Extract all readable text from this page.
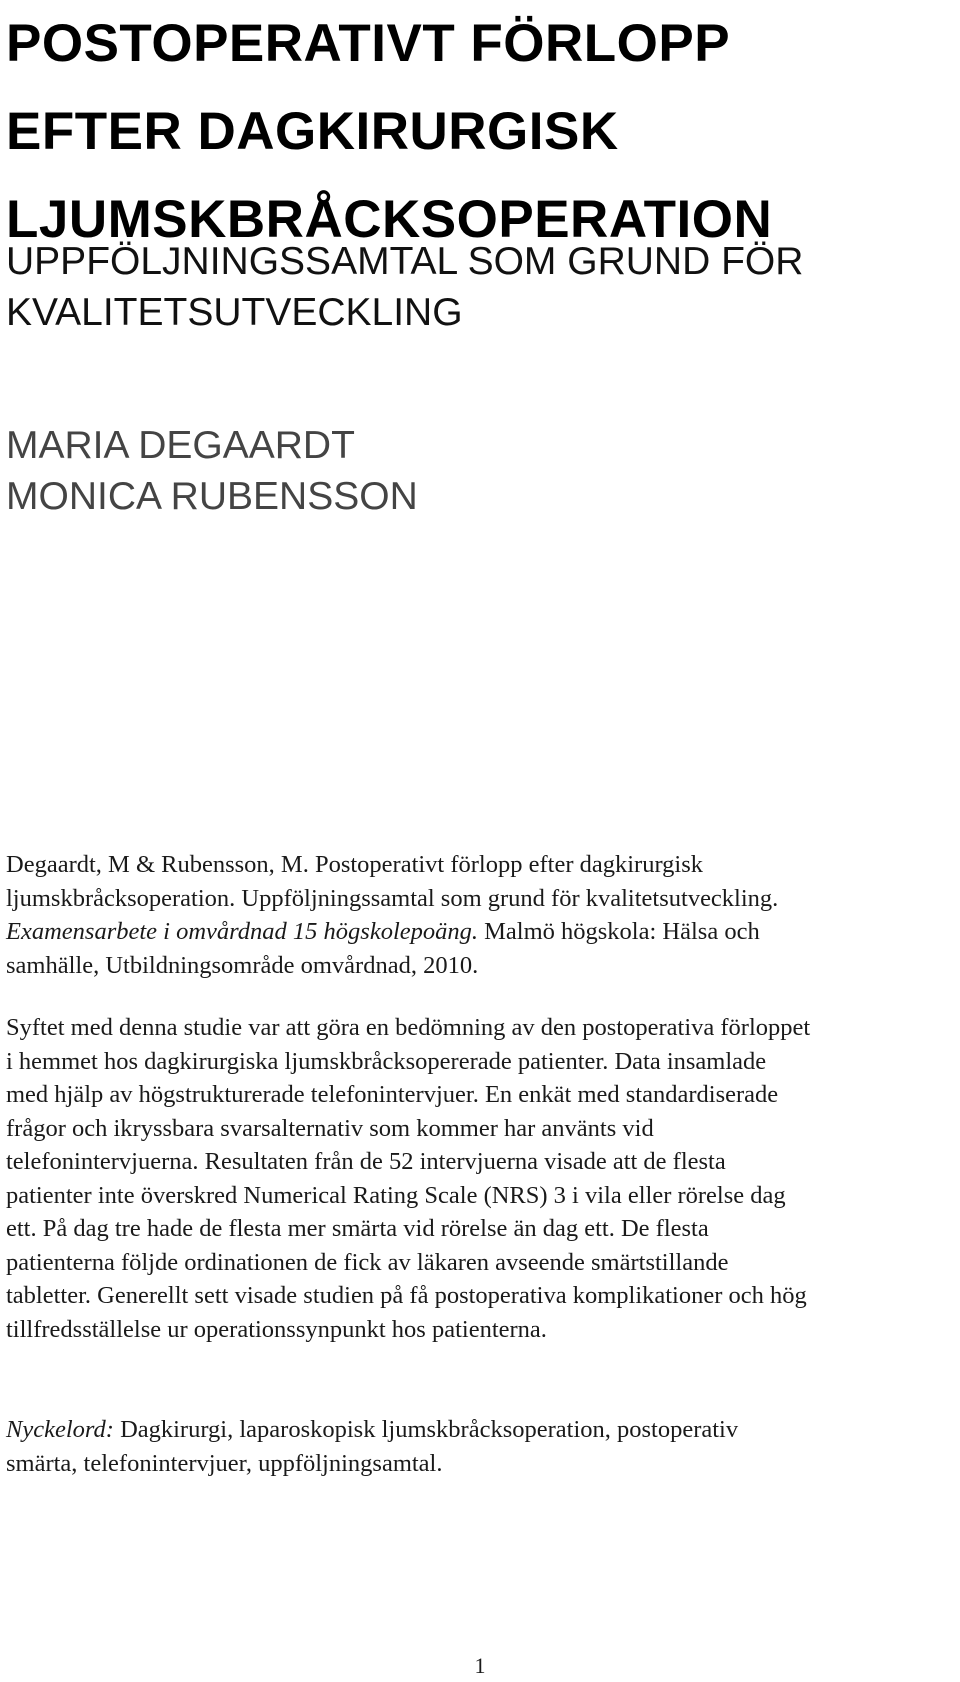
POSTOPERATIVT FÖRLOPP
EFTER DAGKIRURGISK
LJUMSKBRÅCKSOPERATION
UPPFÖLJNINGSSAMTAL SOM GRUND FÖR
KVALITETSUTVECKLING
MARIA DEGAARDT
MONICA RUBENSSON

Degaardt, M & Rubensson, M. Postoperativt förlopp efter dagkirurgisk
ljumskbråcksoperation. Uppföljningssamtal som grund för kvalitetsutveckling.
Examensarbete i omvårdnad 15 högskolepoäng. Malmö högskola: Hälsa och
samhälle, Utbildningsområde omvårdnad, 2010.

Syftet med denna studie var att göra en bedömning av den postoperativa förloppet
i hemmet hos dagkirurgiska ljumskbråcksopererade patienter. Data insamlade
med hjälp av högstrukturerade telefonintervjuer. En enkät med standardiserade
frågor och ikryssbara svarsalternativ som kommer har använts vid
telefonintervjuerna. Resultaten från de 52 intervjuerna visade att de flesta
patienter inte överskred Numerical Rating Scale (NRS) 3 i vila eller rörelse dag
ett. På dag tre hade de flesta mer smärta vid rörelse än dag ett. De flesta
patienterna följde ordinationen de fick av läkaren avseende smärtstillande
tabletter. Generellt sett visade studien på få postoperativa komplikationer och hög
tillfredsställelse ur operationssynpunkt hos patienterna.

Nyckelord: Dagkirurgi, laparoskopisk ljumskbråcksoperation, postoperativ
smärta, telefonintervjuer, uppföljningsamtal.

1
